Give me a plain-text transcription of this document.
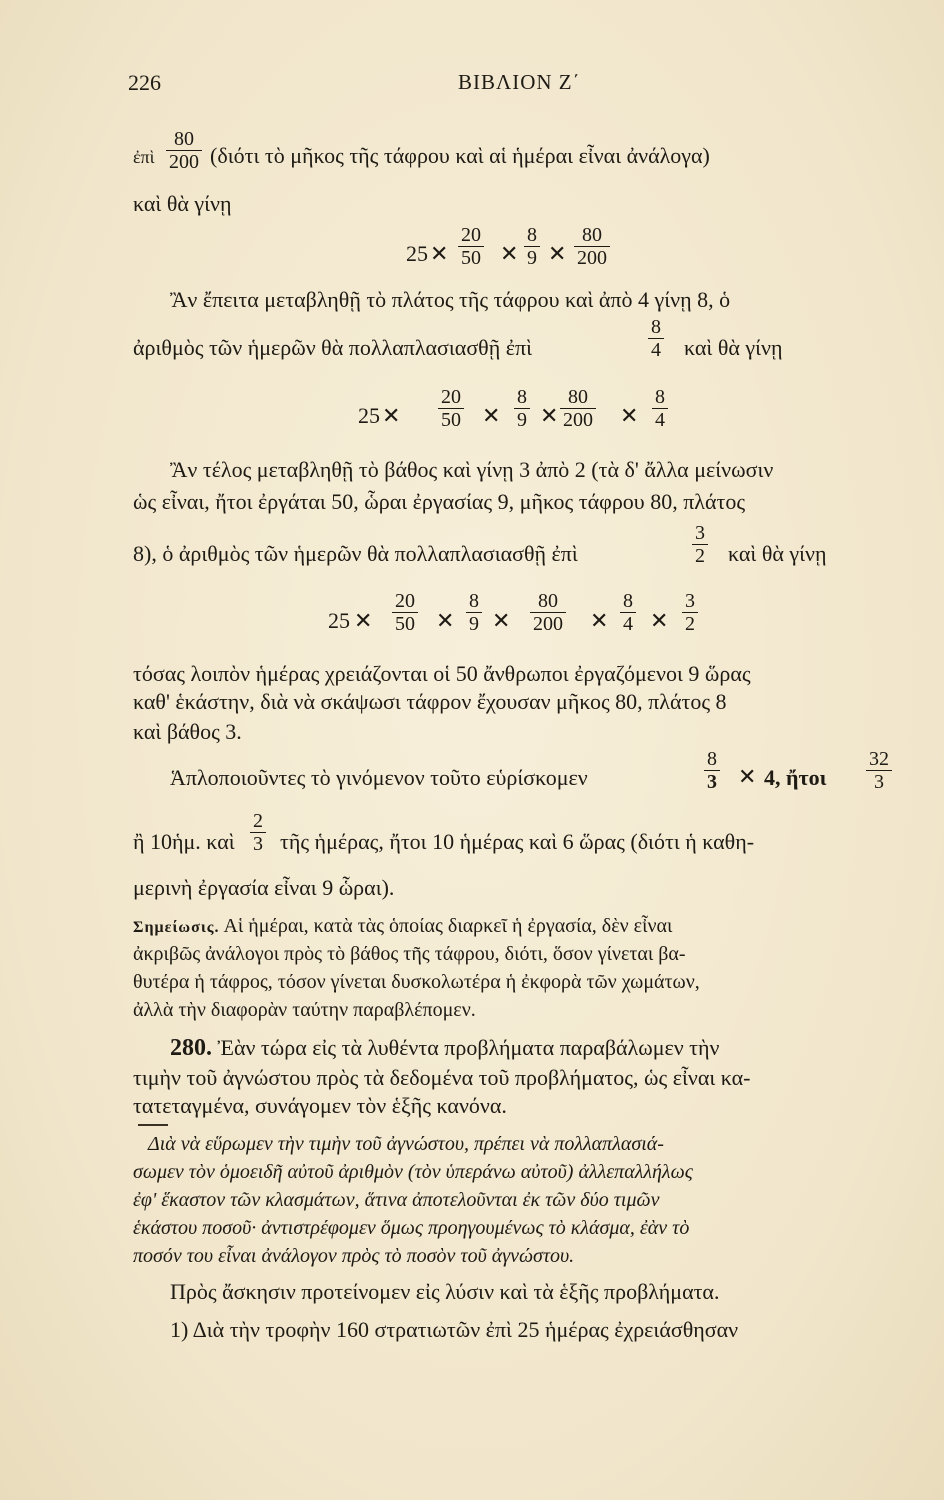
226	ΒΙΒΛΙΟΝ Ζ΄
ἐπὶ $\frac{80}{200} (\delta\iota ό\tau\iota$ τὸ μῆκος τῆς τάφρου καὶ αἱ ἡμέραι εἶναι ἀνάλογα)
καὶ θὰ γίνῃ
25 ✕ $\frac{20}{50}$ ✕ $\frac{8}{9}$ ✕ $\frac{80}{200}$
Ἂν ἔπειτα μεταβληθῇ τὸ πλάτος τῆς τάφρου καὶ ἀπὸ 4 γίνῃ 8, ὁ
ἀριθμὸς τῶν ἡμερῶν θὰ πολλαπλασιασθῇ ἐπὶ	$\frac{8}{4}$ καὶ θὰ γίνῃ
25 ✕ $\frac{20}{50}$ ✕ $\frac{8}{9}$ ✕ $\frac{80}{200}$ ✕ $\frac{8}{4}$
Ἂν τέλος μεταβληθῇ τὸ βάθος καὶ γίνῃ 3 ἀπὸ 2 (τὰ δ' ἄλλα μείνωσιν
ὡς εἶναι, ἤτοι ἐργάται 50, ὧραι ἐργασίας 9, μῆκος τάφρου 80, πλάτος
8), ὁ ἀριθμὸς τῶν ἡμερῶν θὰ πολλαπλασιασθῇ ἐπὶ	$\frac{3}{2}$ καὶ θὰ γίνῃ
25 ✕ $\frac{20}{50}$ ✕ $\frac{8}{9}$ ✕ $\frac{80}{200}$ ✕ $\frac{8}{4}$ ✕ $\frac{3}{2}$
τόσας λοιπὸν ἡμέρας χρειάζονται οἱ 50 ἄνθρωποι ἐργαζόμενοι 9 ὥρας
καθ' ἑκάστην, διὰ νὰ σκάψωσι τάφρον ἔχουσαν μῆκος 80, πλάτος 8
καὶ βάθος 3.
Ἁπλοποιοῦντες τὸ γινόμενον τοῦτο εὑρίσκομεν	$\frac{8}{3}$ ✕ 4, ἤτοι $\frac{32}{3}$
ἢ 10ἡμ. καὶ $\frac{2}{3}$ τῆς ἡμέρας, ἤτοι 10 ἡμέρας καὶ 6 ὥρας (διότι ἡ καθη-
μερινὴ ἐργασία εἶναι 9 ὧραι).
Σημείωσις. Αἱ ἡμέραι, κατὰ τὰς ὁποίας διαρκεῖ ἡ ἐργασία, δὲν εἶναι
ἀκριβῶς ἀνάλογοι πρὸς τὸ βάθος τῆς τάφρου, διότι, ὅσον γίνεται βα-
θυτέρα ἡ τάφρος, τόσον γίνεται δυσκολωτέρα ἡ ἐκφορὰ τῶν χωμάτων,
ἀλλὰ τὴν διαφορὰν ταύτην παραβλέπομεν.
280. Ἐὰν τώρα εἰς τὰ λυθέντα προβλήματα παραβάλωμεν τὴν
τιμὴν τοῦ ἀγνώστου πρὸς τὰ δεδομένα τοῦ προβλήματος, ὡς εἶναι κα-
τατεταγμένα, συνάγομεν τὸν ἑξῆς κανόνα.
Διὰ νὰ εὕρωμεν τὴν τιμὴν τοῦ ἀγνώστου, πρέπει νὰ πολλαπλασιά-
σωμεν τὸν ὁμοειδῆ αὐτοῦ ἀριθμὸν (τὸν ὑπεράνω αὐτοῦ) ἀλλεπαλλήλως
ἐφ' ἕκαστον τῶν κλασμάτων, ἅτινα ἀποτελοῦνται ἐκ τῶν δύο τιμῶν
ἑκάστου ποσοῦ· ἀντιστρέφομεν ὅμως προηγουμένως τὸ κλάσμα, ἐὰν τὸ
ποσόν του εἶναι ἀνάλογον πρὸς τὸ ποσὸν τοῦ ἀγνώστου.
Πρὸς ἄσκησιν προτείνομεν εἰς λύσιν καὶ τὰ ἑξῆς προβλήματα.
1) Διὰ τὴν τροφὴν 160 στρατιωτῶν ἐπὶ 25 ἡμέρας ἐχρειάσθησαν
